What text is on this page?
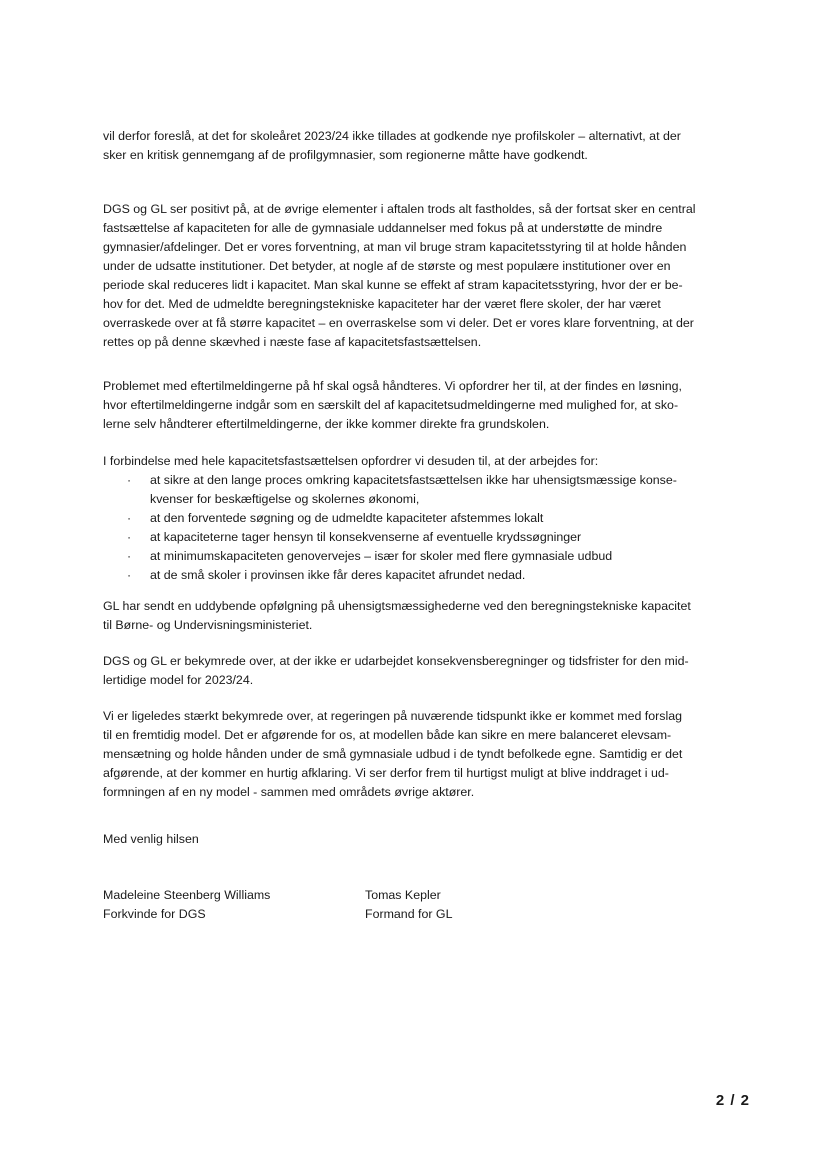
vil derfor foreslå, at det for skoleåret 2023/24 ikke tillades at godkende nye profilskoler – alternativt, at der
sker en kritisk gennemgang af de profilgymnasier, som regionerne måtte have godkendt.
DGS og GL ser positivt på, at de øvrige elementer i aftalen trods alt fastholdes, så der fortsat sker en central
fastsættelse af kapaciteten for alle de gymnasiale uddannelser med fokus på at understøtte de mindre
gymnasier/afdelinger. Det er vores forventning, at man vil bruge stram kapacitetsstyring til at holde hånden
under de udsatte institutioner. Det betyder, at nogle af de største og mest populære institutioner over en
periode skal reduceres lidt i kapacitet. Man skal kunne se effekt af stram kapacitetsstyring, hvor der er be-
hov for det. Med de udmeldte beregningstekniske kapaciteter har der været flere skoler, der har været
overraskede over at få større kapacitet – en overraskelse som vi deler. Det er vores klare forventning, at der
rettes op på denne skævhed i næste fase af kapacitetsfastsættelsen.
Problemet med eftertilmeldingerne på hf skal også håndteres. Vi opfordrer her til, at der findes en løsning,
hvor eftertilmeldingerne indgår som en særskilt del af kapacitetsudmeldingerne med mulighed for, at sko-
lerne selv håndterer eftertilmeldingerne, der ikke kommer direkte fra grundskolen.
I forbindelse med hele kapacitetsfastsættelsen opfordrer vi desuden til, at der arbejdes for:
· at sikre at den lange proces omkring kapacitetsfastsættelsen ikke har uhensigtsmæssige konse-
kvenser for beskæftigelse og skolernes økonomi,
· at den forventede søgning og de udmeldte kapaciteter afstemmes lokalt
· at kapaciteterne tager hensyn til konsekvenserne af eventuelle krydssøgninger
· at minimumskapaciteten genovervejes – især for skoler med flere gymnasiale udbud
· at de små skoler i provinsen ikke får deres kapacitet afrundet nedad.
GL har sendt en uddybende opfølgning på uhensigtsmæssighederne ved den beregningstekniske kapacitet
til Børne- og Undervisningsministeriet.
DGS og GL er bekymrede over, at der ikke er udarbejdet konsekvensberegninger og tidsfrister for den mid-
lertidige model for 2023/24.
Vi er ligeledes stærkt bekymrede over, at regeringen på nuværende tidspunkt ikke er kommet med forslag
til en fremtidig model. Det er afgørende for os, at modellen både kan sikre en mere balanceret elevsam-
mensætning og holde hånden under de små gymnasiale udbud i de tyndt befolkede egne. Samtidig er det
afgørende, at der kommer en hurtig afklaring. Vi ser derfor frem til hurtigst muligt at blive inddraget i ud-
formningen af en ny model - sammen med områdets øvrige aktører.
Med venlig hilsen
Madeleine Steenberg Williams
Forkvinde for DGS
Tomas Kepler
Formand for GL
2 / 2
